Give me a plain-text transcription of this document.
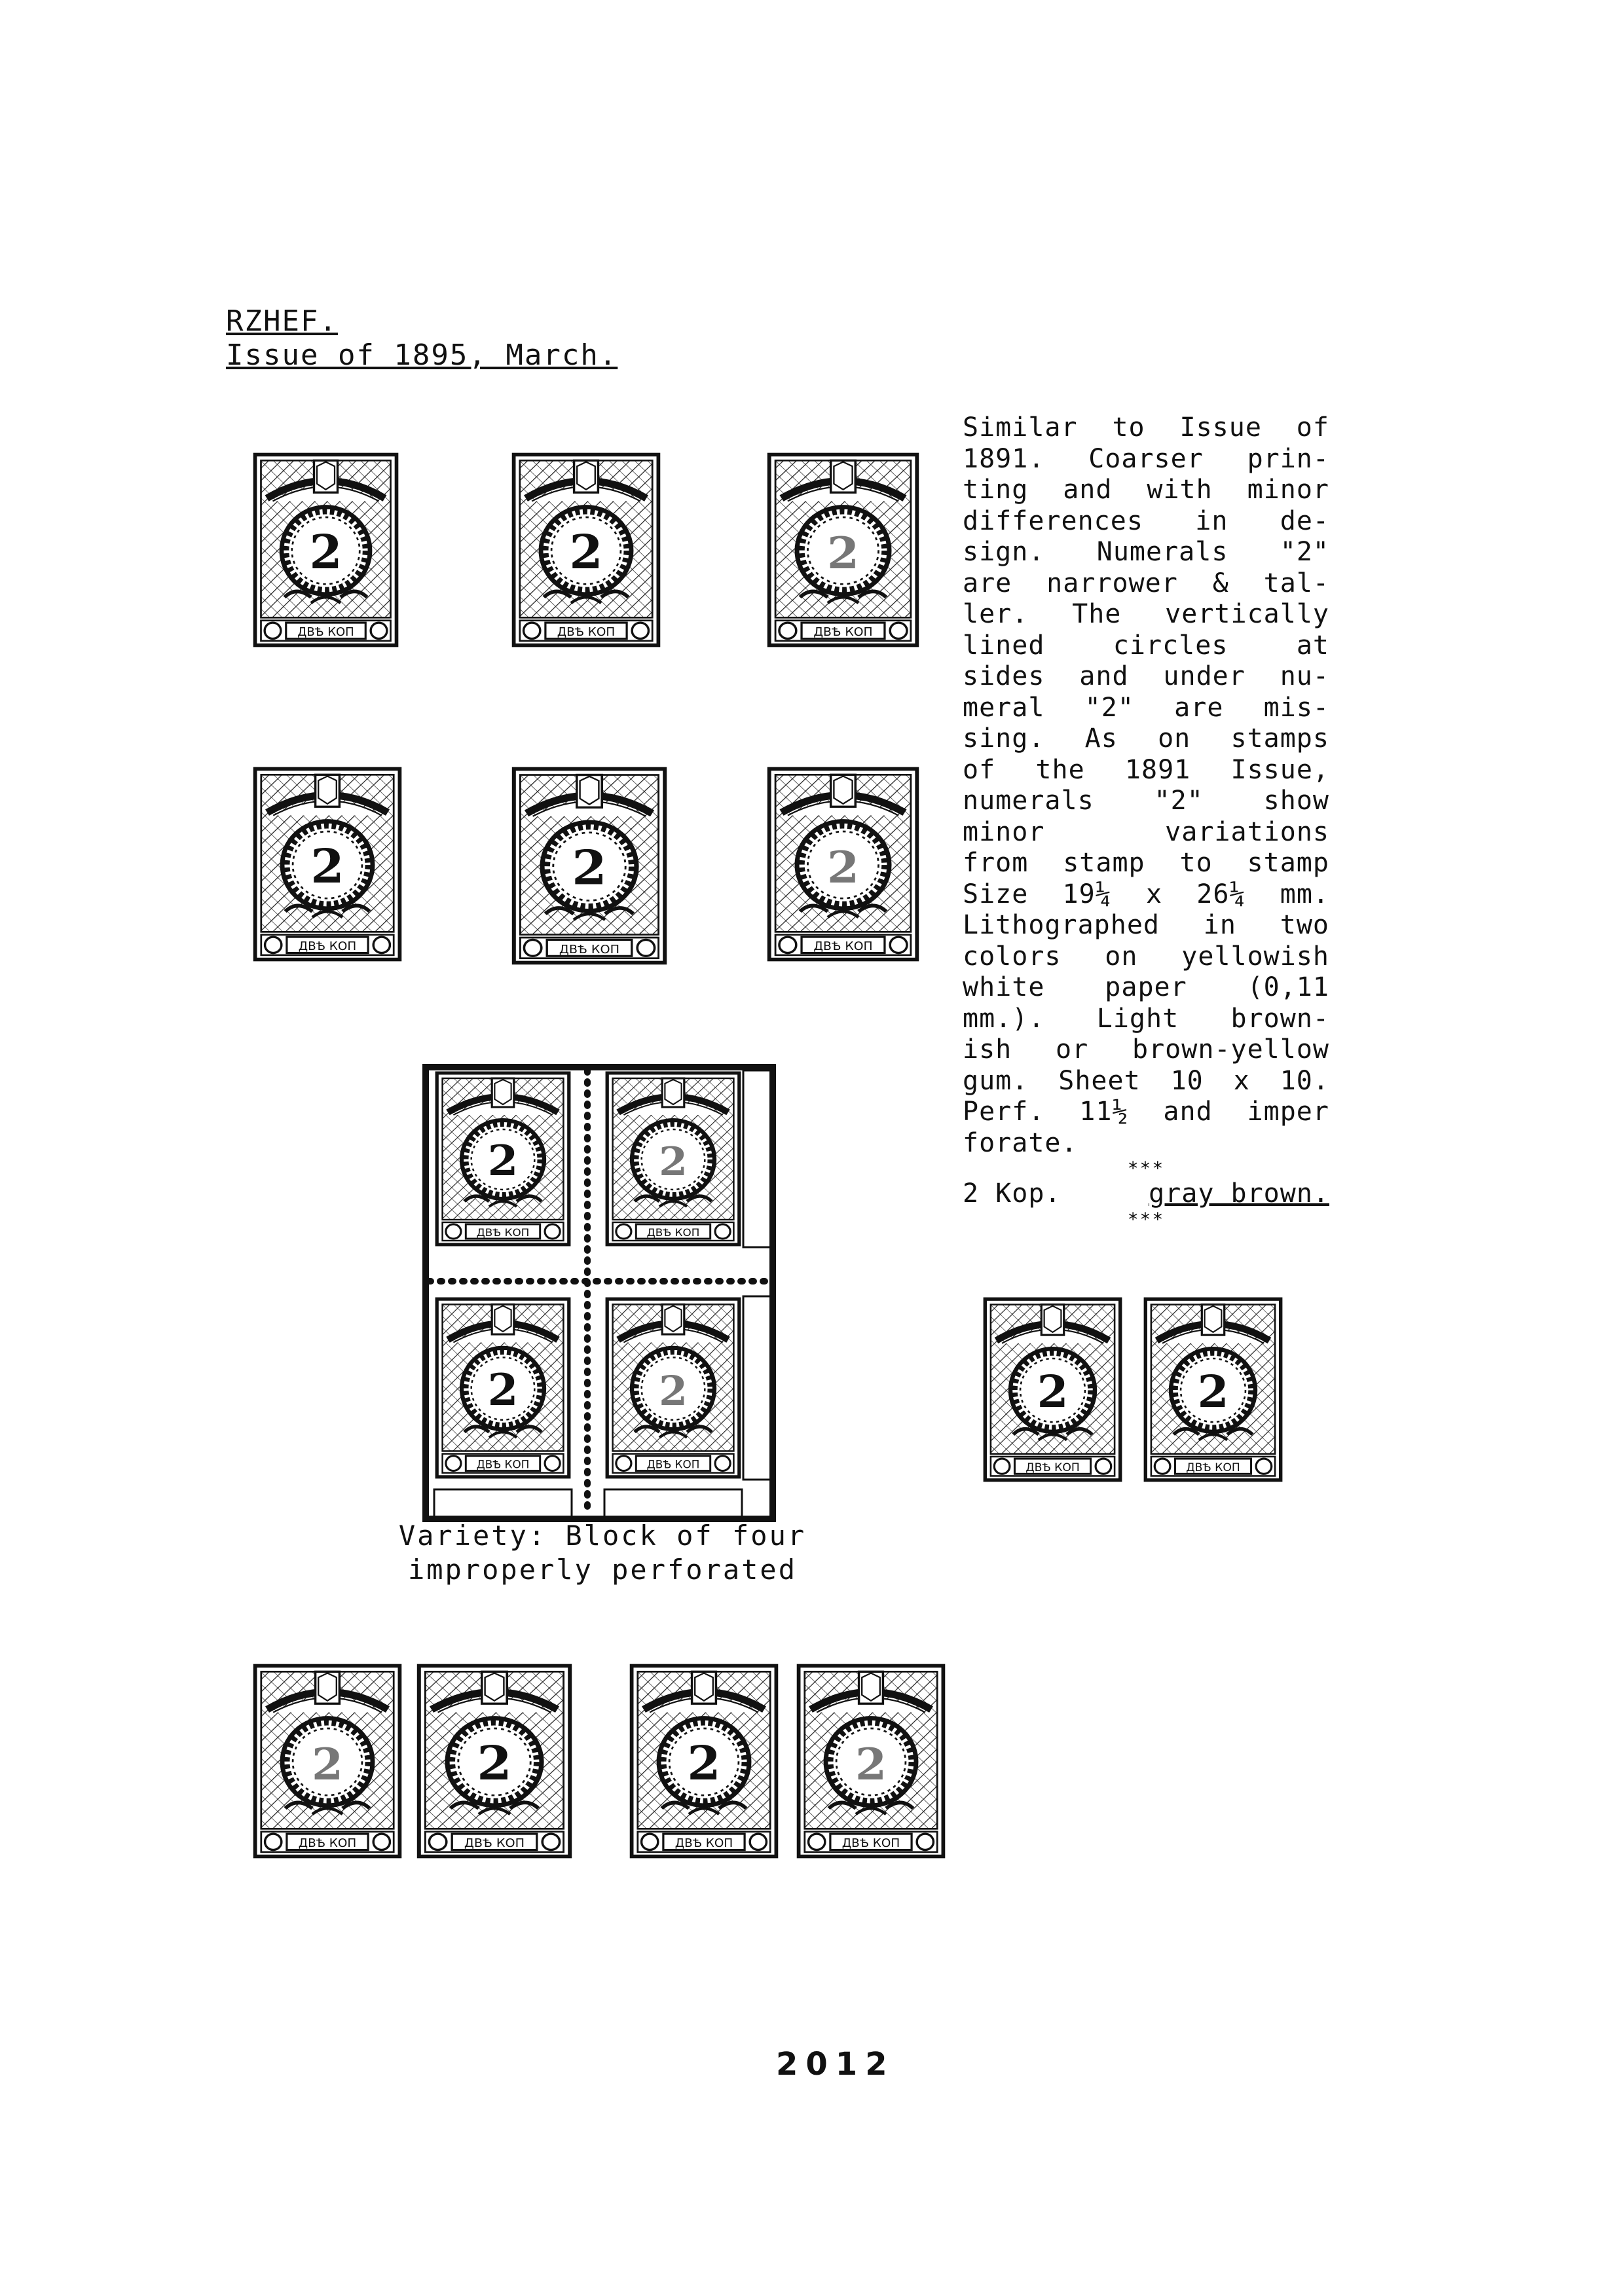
RZHEF.
Issue of 1895, March.
Similar to Issue of
1891. Coarser prin-
ting and with minor
differences in de-
sign. Numerals "2"
are narrower & tal-
ler. The vertically
lined	circles	at
sides and under nu-
meral "2" are mis-
sing. As on stamps
of the 1891 Issue,
numerals "2" show
minor	variations
from stamp to stamp
Size 19¼ x 26¼ mm.
Lithographed in two
colors on yellowish
white paper (0,11
mm.). Light brown-
ish or brown-yellow
gum. Sheet 10 x 10.
Perf. 11½ and imper
forate.
***
2 Kop.	gray brown.
***
2
ДВѢ КОП
2
ДВѢ КОП
2
ДВѢ КОП
2
ДВѢ КОП
2
ДВѢ КОП
2
ДВѢ КОП
2
ДВѢ КОП
2
ДВѢ КОП
2
ДВѢ КОП
2
ДВѢ КОП
2
ДВѢ КОП
2
ДВѢ КОП
2
ДВѢ КОП
2
ДВѢ КОП
2
ДВѢ КОП
2
ДВѢ КОП
Variety: Block of four
improperly perforated
2012
